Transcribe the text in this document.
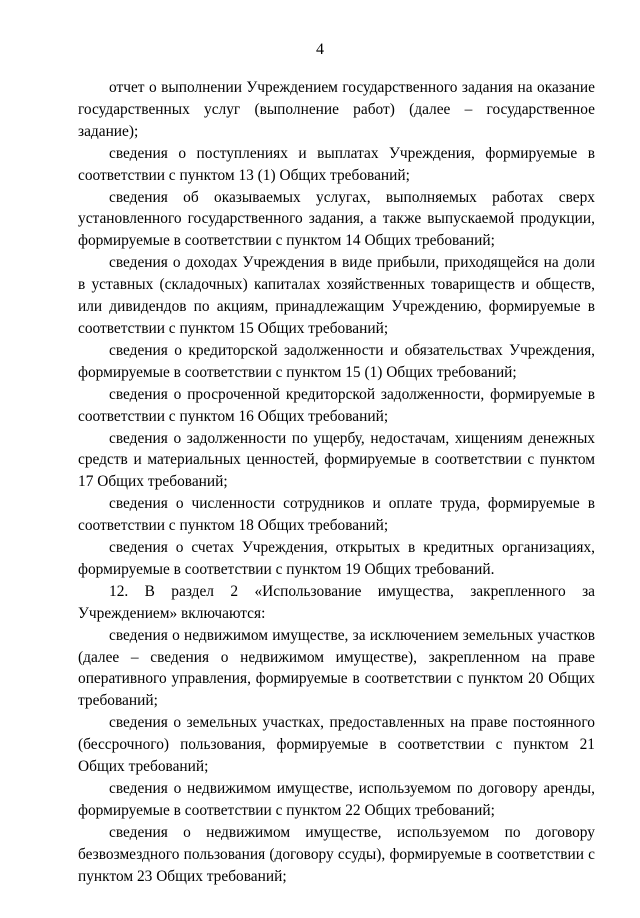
4

отчет о выполнении Учреждением государственного задания на оказание государственных услуг (выполнение работ) (далее – государственное задание);

сведения о поступлениях и выплатах Учреждения, формируемые в соответствии с пунктом 13 (1) Общих требований;

сведения об оказываемых услугах, выполняемых работах сверх установленного государственного задания, а также выпускаемой продукции, формируемые в соответствии с пунктом 14 Общих требований;

сведения о доходах Учреждения в виде прибыли, приходящейся на доли в уставных (складочных) капиталах хозяйственных товариществ и обществ, или дивидендов по акциям, принадлежащим Учреждению, формируемые в соответствии с пунктом 15 Общих требований;

сведения о кредиторской задолженности и обязательствах Учреждения, формируемые в соответствии с пунктом 15 (1) Общих требований;

сведения о просроченной кредиторской задолженности, формируемые в соответствии с пунктом 16 Общих требований;

сведения о задолженности по ущербу, недостачам, хищениям денежных средств и материальных ценностей, формируемые в соответствии с пунктом 17 Общих требований;

сведения о численности сотрудников и оплате труда, формируемые в соответствии с пунктом 18 Общих требований;

сведения о счетах Учреждения, открытых в кредитных организациях, формируемые в соответствии с пунктом 19 Общих требований.

12. В раздел 2 «Использование имущества, закрепленного за Учреждением» включаются:

сведения о недвижимом имуществе, за исключением земельных участков (далее – сведения о недвижимом имуществе), закрепленном на праве оперативного управления, формируемые в соответствии с пунктом 20 Общих требований;

сведения о земельных участках, предоставленных на праве постоянного (бессрочного) пользования, формируемые в соответствии с пунктом 21 Общих требований;

сведения о недвижимом имуществе, используемом по договору аренды, формируемые в соответствии с пунктом 22 Общих требований;

сведения о недвижимом имуществе, используемом по договору безвозмездного пользования (договору ссуды), формируемые в соответствии с пунктом 23 Общих требований;
